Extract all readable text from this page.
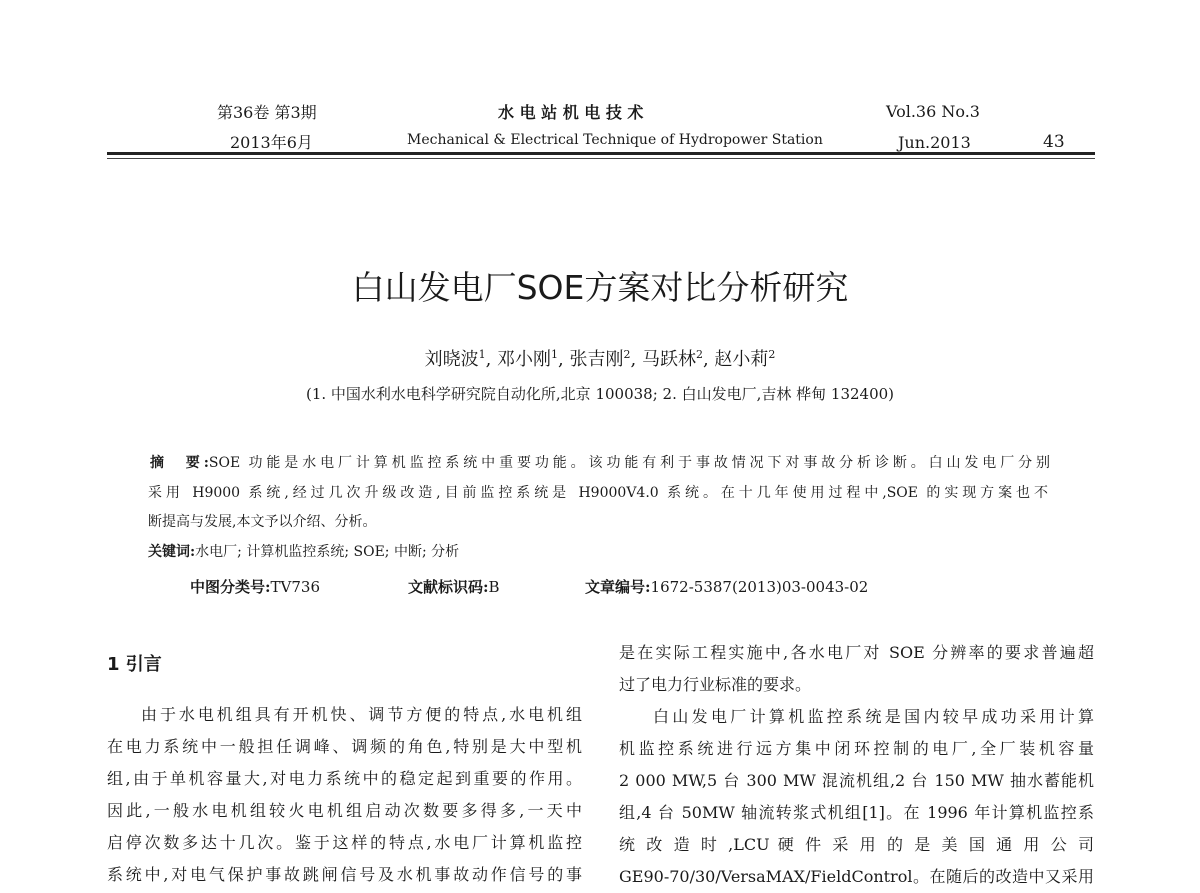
第36卷 第3期
2013年6月
水 电 站 机 电 技 术
Mechanical & Electrical Technique of Hydropower Station
Vol.36 No.3
Jun.2013	43
白山发电厂SOE方案对比分析研究
刘晓波$^1$, 邓小刚$^1$, 张吉刚$^2$, 马跃林$^2$, 赵小莉$^2$
(1. 中国水利水电科学研究院自动化所,北京 100038; 2. 白山发电厂,吉林 桦甸 132400)
摘　要:SOE 功能是水电厂计算机监控系统中重要功能。该功能有利于事故情况下对事故分析诊断。白山发电厂分别
采用 H9000 系统,经过几次升级改造,目前监控系统是 H9000V4.0 系统。在十几年使用过程中,SOE 的实现方案也不
断提高与发展,本文予以介绍、分析。
关键词:水电厂; 计算机监控系统; SOE; 中断; 分析
中图分类号:TV736	文献标识码:B	文章编号:1672-5387(2013)03-0043-02
1 引言
由于水电机组具有开机快、调节方便的特点,水电机组
在电力系统中一般担任调峰、调频的角色,特别是大中型机
组,由于单机容量大,对电力系统中的稳定起到重要的作用。
因此,一般水电机组较火电机组启动次数要多得多,一天中
启停次数多达十几次。鉴于这样的特点,水电厂计算机监控
系统中,对电气保护事故跳闸信号及水机事故动作信号的事
是在实际工程实施中,各水电厂对 SOE 分辨率的要求普遍超
过了电力行业标准的要求。
白山发电厂计算机监控系统是国内较早成功采用计算
机监控系统进行远方集中闭环控制的电厂,全厂装机容量
2 000 MW,5 台 300 MW 混流机组,2 台 150 MW 抽水蓄能机
组,4 台 50MW 轴流转浆式机组[1]。在 1996 年计算机监控系
统 改 造 时 ,LCU 硬 件 采 用 的 是 美 国 通 用 公 司
GE90-70/30/VersaMAX/FieldControl。在随后的改造中又采用
